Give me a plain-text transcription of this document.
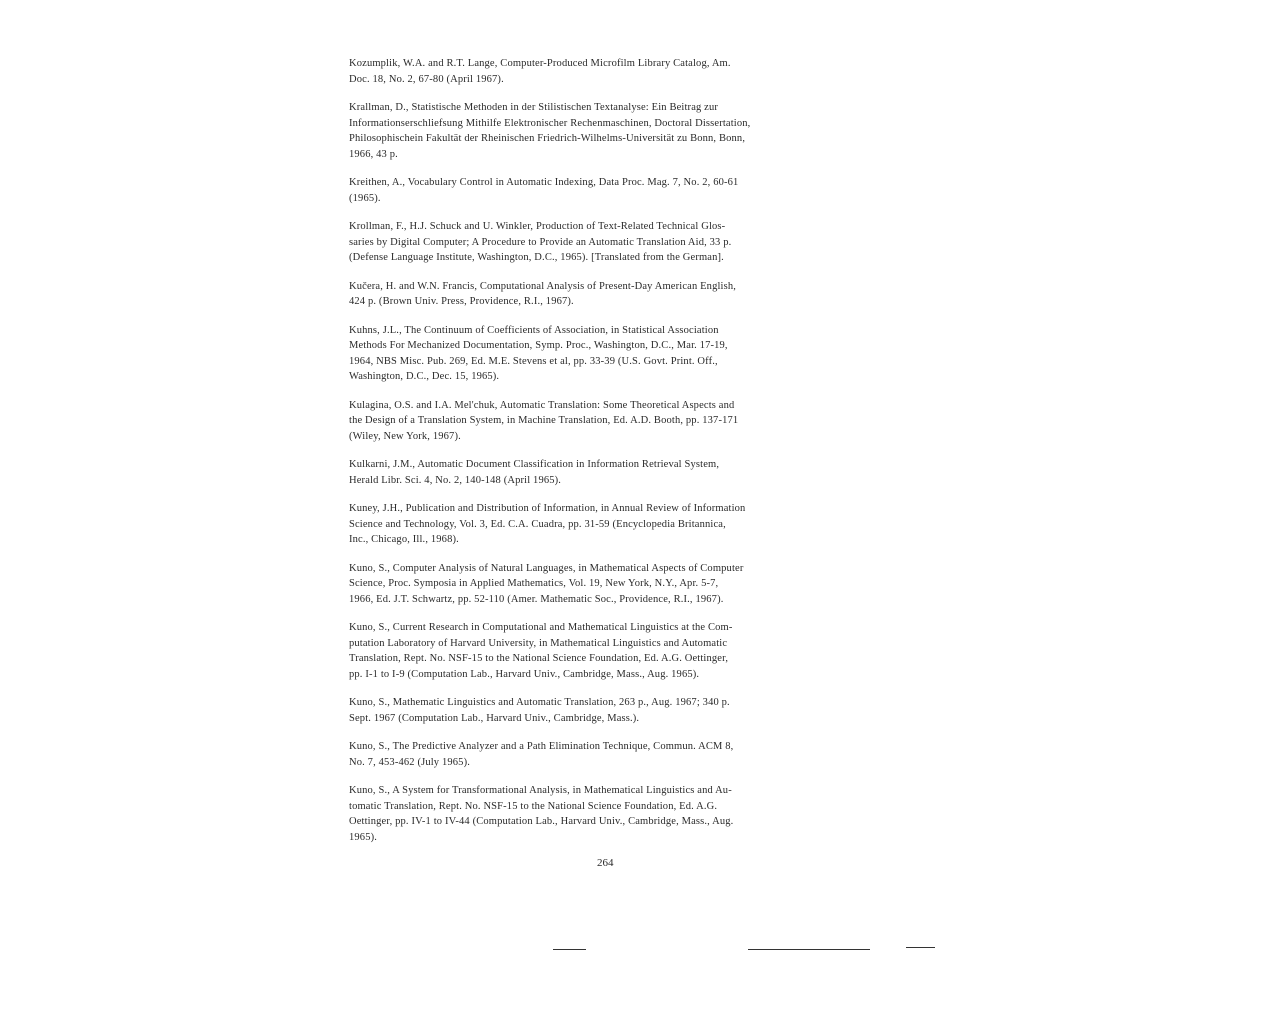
Kozumplik, W.A. and R.T. Lange, Computer-Produced Microfilm Library Catalog, Am.
Doc. 18, No. 2, 67-80 (April 1967).
Krallman, D., Statistische Methoden in der Stilistischen Textanalyse: Ein Beitrag zur
Informationserschliefsung Mithilfe Elektronischer Rechenmaschinen, Doctoral Dissertation,
Philosophischein Fakultät der Rheinischen Friedrich-Wilhelms-Universität zu Bonn, Bonn,
1966, 43 p.
Kreithen, A., Vocabulary Control in Automatic Indexing, Data Proc. Mag. 7, No. 2, 60-61
(1965).
Krollman, F., H.J. Schuck and U. Winkler, Production of Text-Related Technical Glos-
saries by Digital Computer; A Procedure to Provide an Automatic Translation Aid, 33 p.
(Defense Language Institute, Washington, D.C., 1965). [Translated from the German].
Kučera, H. and W.N. Francis, Computational Analysis of Present-Day American English,
424 p. (Brown Univ. Press, Providence, R.I., 1967).
Kuhns, J.L., The Continuum of Coefficients of Association, in Statistical Association
Methods For Mechanized Documentation, Symp. Proc., Washington, D.C., Mar. 17-19,
1964, NBS Misc. Pub. 269, Ed. M.E. Stevens et al, pp. 33-39 (U.S. Govt. Print. Off.,
Washington, D.C., Dec. 15, 1965).
Kulagina, O.S. and I.A. Mel'chuk, Automatic Translation: Some Theoretical Aspects and
the Design of a Translation System, in Machine Translation, Ed. A.D. Booth, pp. 137-171
(Wiley, New York, 1967).
Kulkarni, J.M., Automatic Document Classification in Information Retrieval System,
Herald Libr. Sci. 4, No. 2, 140-148 (April 1965).
Kuney, J.H., Publication and Distribution of Information, in Annual Review of Information
Science and Technology, Vol. 3, Ed. C.A. Cuadra, pp. 31-59 (Encyclopedia Britannica,
Inc., Chicago, Ill., 1968).
Kuno, S., Computer Analysis of Natural Languages, in Mathematical Aspects of Computer
Science, Proc. Symposia in Applied Mathematics, Vol. 19, New York, N.Y., Apr. 5-7,
1966, Ed. J.T. Schwartz, pp. 52-110 (Amer. Mathematic Soc., Providence, R.I., 1967).
Kuno, S., Current Research in Computational and Mathematical Linguistics at the Com-
putation Laboratory of Harvard University, in Mathematical Linguistics and Automatic
Translation, Rept. No. NSF-15 to the National Science Foundation, Ed. A.G. Oettinger,
pp. I-1 to I-9 (Computation Lab., Harvard Univ., Cambridge, Mass., Aug. 1965).
Kuno, S., Mathematic Linguistics and Automatic Translation, 263 p., Aug. 1967; 340 p.
Sept. 1967 (Computation Lab., Harvard Univ., Cambridge, Mass.).
Kuno, S., The Predictive Analyzer and a Path Elimination Technique, Commun. ACM 8,
No. 7, 453-462 (July 1965).
Kuno, S., A System for Transformational Analysis, in Mathematical Linguistics and Au-
tomatic Translation, Rept. No. NSF-15 to the National Science Foundation, Ed. A.G.
Oettinger, pp. IV-1 to IV-44 (Computation Lab., Harvard Univ., Cambridge, Mass., Aug.
1965).
264
